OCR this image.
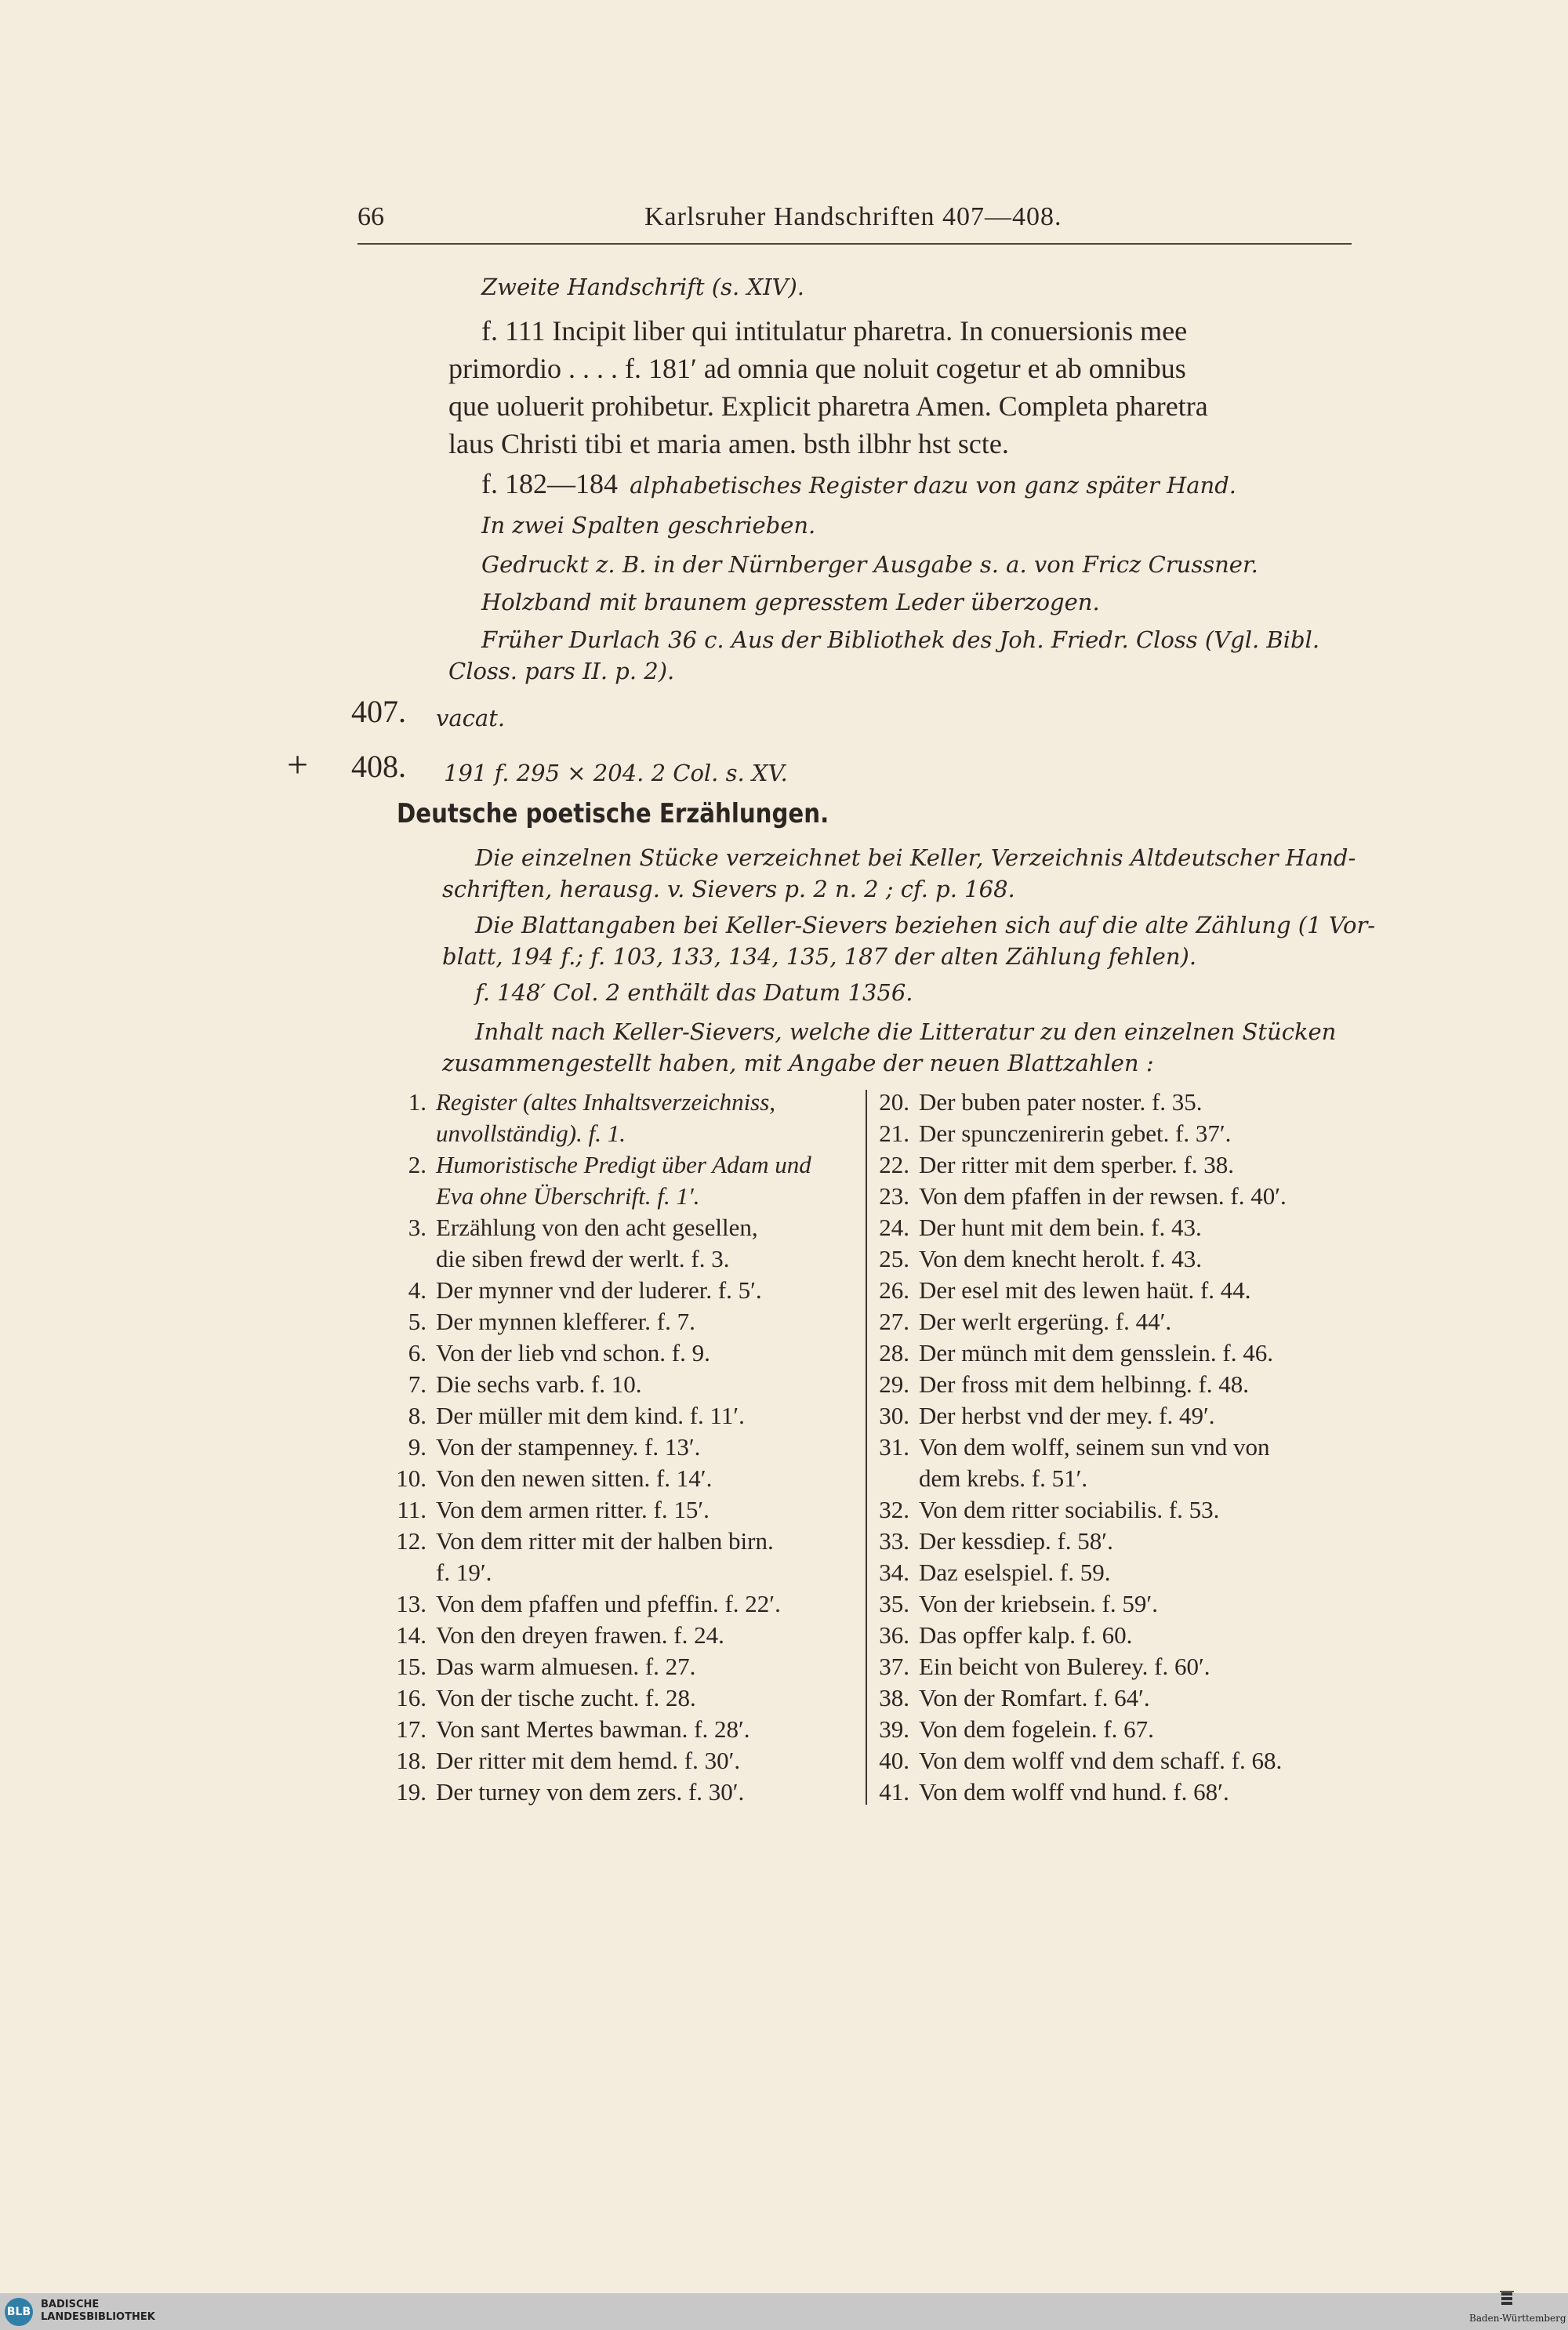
66	Karlsruher Handschriften 407—408.
Zweite Handschrift (s. XIV).
f. 111 Incipit liber qui intitulatur pharetra. In conuersionis mee
primordio . . . . f. 181′ ad omnia que noluit cogetur et ab omnibus
que uoluerit prohibetur. Explicit pharetra Amen. Completa pharetra
laus Christi tibi et maria amen. bsth ilbhr hst scte.
f. 182—184 alphabetisches Register dazu von ganz später Hand.
In zwei Spalten geschrieben.
Gedruckt z. B. in der Nürnberger Ausgabe s. a. von Fricz Crussner.
Holzband mit braunem gepresstem Leder überzogen.
Früher Durlach 36 c. Aus der Bibliothek des Joh. Friedr. Closs (Vgl. Bibl.
Closs. pars II. p. 2).
407. vacat.
+ 408. 191 f. 295 × 204. 2 Col. s. XV.
Deutsche poetische Erzählungen.
Die einzelnen Stücke verzeichnet bei Keller, Verzeichnis Altdeutscher Hand-
schriften, herausg. v. Sievers p. 2 n. 2 ; cf. p. 168.
Die Blattangaben bei Keller-Sievers beziehen sich auf die alte Zählung (1 Vor-
blatt, 194 f.; f. 103, 133, 134, 135, 187 der alten Zählung fehlen).
f. 148′ Col. 2 enthält das Datum 1356.
Inhalt nach Keller-Sievers, welche die Litteratur zu den einzelnen Stücken
zusammengestellt haben, mit Angabe der neuen Blattzahlen :
1. Register (altes Inhaltsverzeichniss,
unvollständig). f. 1.
2. Humoristische Predigt über Adam und
Eva ohne Überschrift. f. 1′.
3. Erzählung von den acht gesellen,
die siben frewd der werlt. f. 3.
4. Der mynner vnd der luderer. f. 5′.
5. Der mynnen klefferer. f. 7.
6. Von der lieb vnd schon. f. 9.
7. Die sechs varb. f. 10.
8. Der müller mit dem kind. f. 11′.
9. Von der stampenney. f. 13′.
10. Von den newen sitten. f. 14′.
11. Von dem armen ritter. f. 15′.
12. Von dem ritter mit der halben birn.
f. 19′.
13. Von dem pfaffen und pfeffin. f. 22′.
14. Von den dreyen frawen. f. 24.
15. Das warm almuesen. f. 27.
16. Von der tische zucht. f. 28.
17. Von sant Mertes bawman. f. 28′.
18. Der ritter mit dem hemd. f. 30′.
19. Der turney von dem zers. f. 30′.
20. Der buben pater noster. f. 35.
21. Der spunczenirerin gebet. f. 37′.
22. Der ritter mit dem sperber. f. 38.
23. Von dem pfaffen in der rewsen. f. 40′.
24. Der hunt mit dem bein. f. 43.
25. Von dem knecht herolt. f. 43.
26. Der esel mit des lewen haüt. f. 44.
27. Der werlt ergerüng. f. 44′.
28. Der münch mit dem gensslein. f. 46.
29. Der fross mit dem helbinng. f. 48.
30. Der herbst vnd der mey. f. 49′.
31. Von dem wolff, seinem sun vnd von
dem krebs. f. 51′.
32. Von dem ritter sociabilis. f. 53.
33. Der kessdiep. f. 58′.
34. Daz eselspiel. f. 59.
35. Von der kriebsein. f. 59′.
36. Das opffer kalp. f. 60.
37. Ein beicht von Bulerey. f. 60′.
38. Von der Romfart. f. 64′.
39. Von dem fogelein. f. 67.
40. Von dem wolff vnd dem schaff. f. 68.
41. Von dem wolff vnd hund. f. 68′.
BLB
BADISCHE
LANDESBIBLIOTHEK	Baden-Württemberg
